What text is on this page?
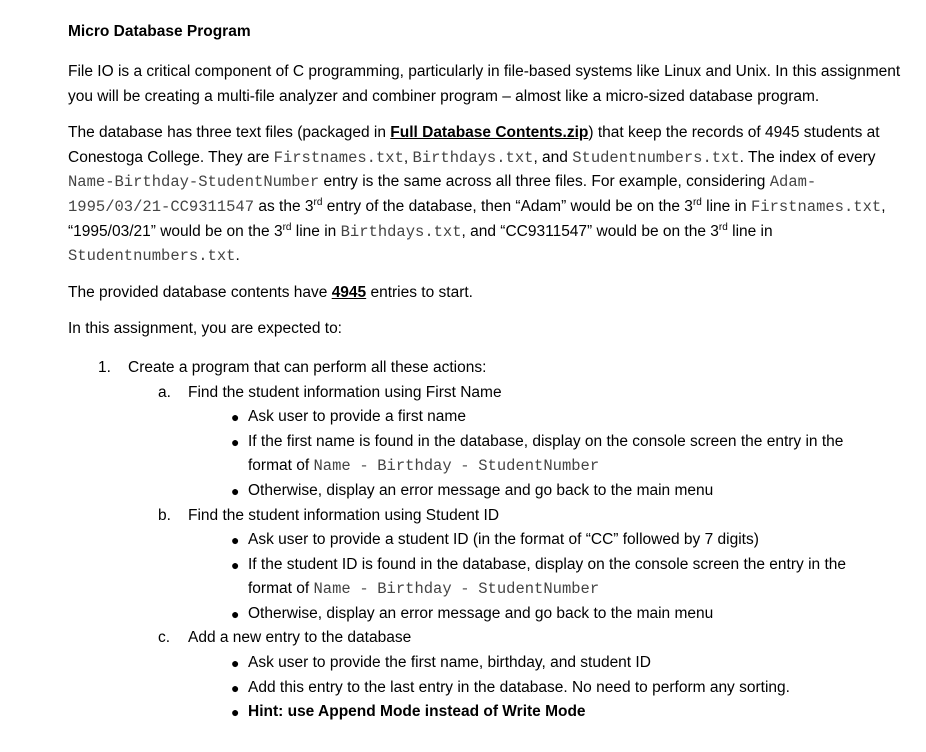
Micro Database Program

File IO is a critical component of C programming, particularly in file-based systems like Linux and Unix. In this assignment you will be creating a multi-file analyzer and combiner program – almost like a micro-sized database program.

The database has three text files (packaged in Full Database Contents.zip) that keep the records of 4945 students at Conestoga College. They are Firstnames.txt, Birthdays.txt, and Studentnumbers.txt. The index of every Name-Birthday-StudentNumber entry is the same across all three files. For example, considering Adam-1995/03/21-CC9311547 as the 3rd entry of the database, then “Adam” would be on the 3rd line in Firstnames.txt, “1995/03/21” would be on the 3rd line in Birthdays.txt, and “CC9311547” would be on the 3rd line in Studentnumbers.txt.

The provided database contents have 4945 entries to start.

In this assignment, you are expected to:

1. Create a program that can perform all these actions:
a. Find the student information using First Name
● Ask user to provide a first name
● If the first name is found in the database, display on the console screen the entry in the
format of Name - Birthday - StudentNumber
● Otherwise, display an error message and go back to the main menu
b. Find the student information using Student ID
● Ask user to provide a student ID (in the format of “CC” followed by 7 digits)
● If the student ID is found in the database, display on the console screen the entry in the
format of Name - Birthday - StudentNumber
● Otherwise, display an error message and go back to the main menu
c. Add a new entry to the database
● Ask user to provide the first name, birthday, and student ID
● Add this entry to the last entry in the database. No need to perform any sorting.
● Hint: use Append Mode instead of Write Mode
